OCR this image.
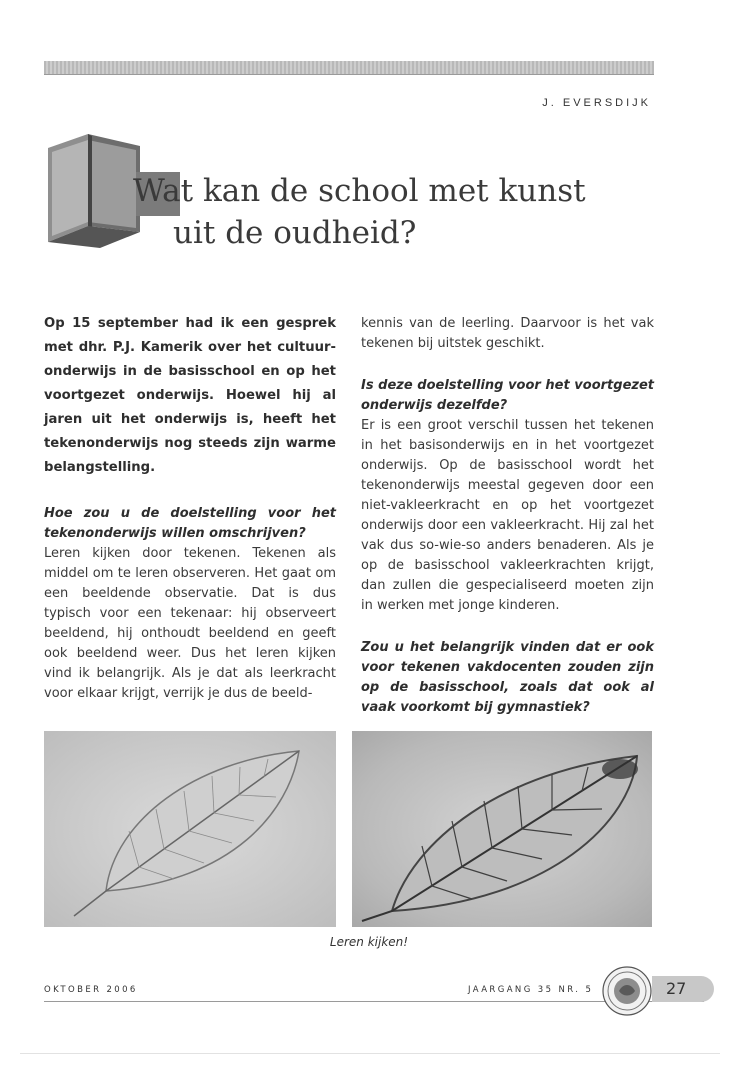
J. EVERSDIJK
Wat kan de school met kunst
uit de oudheid?

Op 15 september had ik een gesprek met dhr. P.J. Kamerik over het cultuur-onderwijs in de basisschool en op het voortgezet onderwijs. Hoewel hij al jaren uit het onderwijs is, heeft het tekenonderwijs nog steeds zijn warme belangstelling.

Hoe zou u de doelstelling voor het tekenonderwijs willen omschrijven?

Leren kijken door tekenen. Tekenen als middel om te leren observeren. Het gaat om een beeldende observatie. Dat is dus typisch voor een tekenaar: hij observeert beeldend, hij onthoudt beeldend en geeft ook beeldend weer. Dus het leren kijken vind ik belangrijk. Als je dat als leerkracht voor elkaar krijgt, verrijk je dus de beeld-

kennis van de leerling. Daarvoor is het vak tekenen bij uitstek geschikt.

Is deze doelstelling voor het voortgezet onderwijs dezelfde?

Er is een groot verschil tussen het tekenen in het basisonderwijs en in het voortgezet onderwijs. Op de basisschool wordt het tekenonderwijs meestal gegeven door een niet-vakleerkracht en op het voortgezet onderwijs door een vakleerkracht. Hij zal het vak dus so-wie-so anders benaderen. Als je op de basisschool vakleerkrachten krijgt, dan zullen die gespecialiseerd moeten zijn in werken met jonge kinderen.

Zou u het belangrijk vinden dat er ook voor tekenen vakdocenten zouden zijn op de basisschool, zoals dat ook al vaak voorkomt bij gymnastiek?

Leren kijken!
OKTOBER 2006	JAARGANG 35 NR. 5	27
